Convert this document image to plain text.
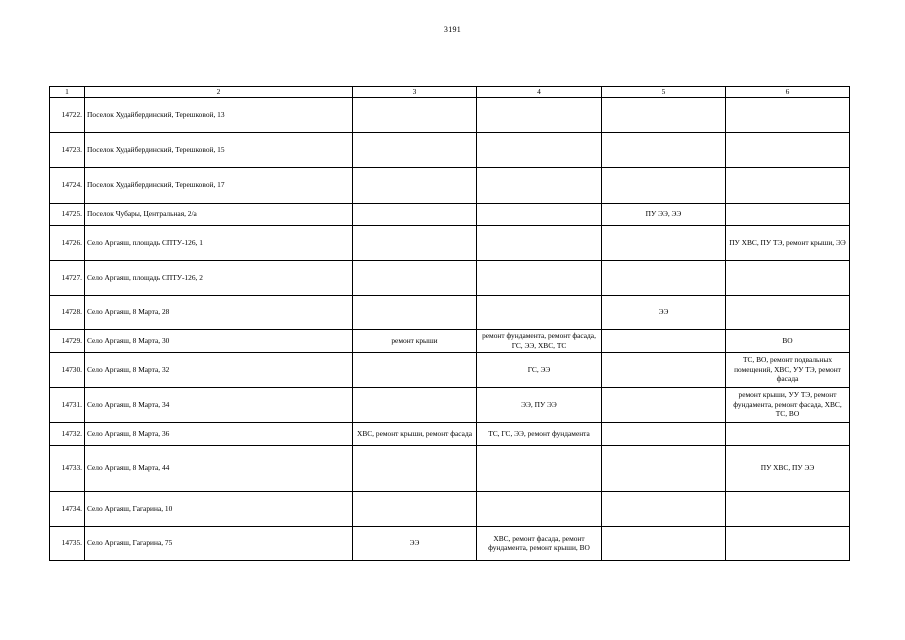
3191
1	2	3	4	5	6
14722.	Поселок Худайбердинский, Терешковой, 13				
14723.	Поселок Худайбердинский, Терешковой, 15				
14724.	Поселок Худайбердинский, Терешковой, 17				
14725.	Поселок Чубары, Центральная, 2/а			ПУ ЭЭ, ЭЭ	
14726.	Село Аргаяш, площадь СПТУ-126, 1				ПУ ХВС, ПУ ТЭ, ремонт крыши, ЭЭ
14727.	Село Аргаяш, площадь СПТУ-126, 2				
14728.	Село Аргаяш, 8 Марта, 28			ЭЭ	
14729.	Село Аргаяш, 8 Марта, 30	ремонт крыши	ремонт фундамента, ремонт фасада, ГС, ЭЭ, ХВС, ТС		ВО
14730.	Село Аргаяш, 8 Марта, 32		ГС, ЭЭ		ТС, ВО, ремонт подвальных помещений, ХВС, УУ ТЭ, ремонт фасада
14731.	Село Аргаяш, 8 Марта, 34		ЭЭ, ПУ ЭЭ		ремонт крыши, УУ ТЭ, ремонт фундамента, ремонт фасада, ХВС, ТС, ВО
14732.	Село Аргаяш, 8 Марта, 36	ХВС, ремонт крыши, ремонт фасада	ТС, ГС, ЭЭ, ремонт фундамента		
14733.	Село Аргаяш, 8 Марта, 44				ПУ ХВС, ПУ ЭЭ
14734.	Село Аргаяш, Гагарина, 10				
14735.	Село Аргаяш, Гагарина, 75	ЭЭ	ХВС, ремонт фасада, ремонт фундамента, ремонт крыши, ВО		
